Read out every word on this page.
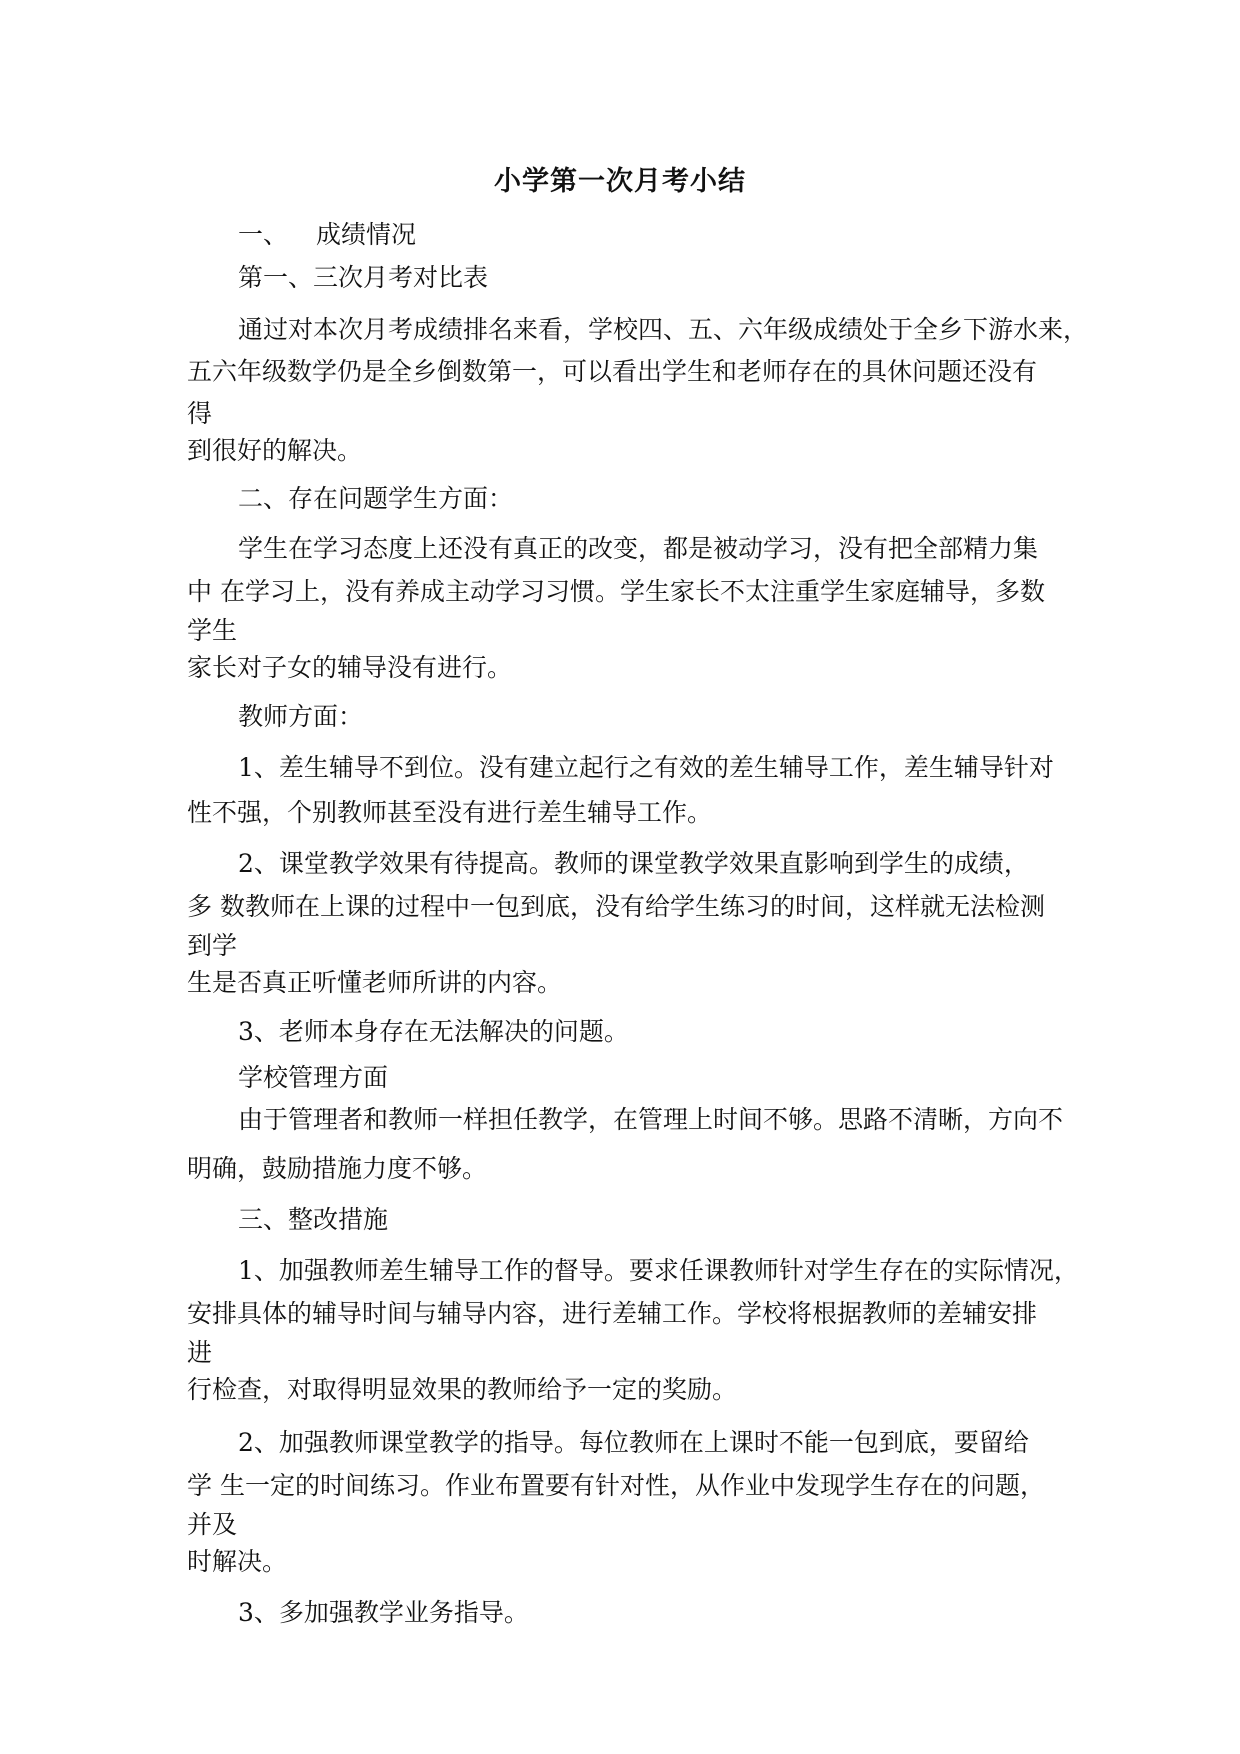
小学第一次月考小结
一、 成绩情况
第一、三次月考对比表
通过对本次月考成绩排名来看，学校四、五、六年级成绩处于全乡下游水来，
五六年级数学仍是全乡倒数第一，可以看出学生和老师存在的具休问题还没有
得
到很好的解决。
二、存在问题学生方面：
学生在学习态度上还没有真正的改变，都是被动学习，没有把全部精力集
中 在学习上，没有养成主动学习习惯。学生家长不太注重学生家庭辅导，多数
学生
家长对子女的辅导没有进行。
教师方面：
1、差生辅导不到位。没有建立起行之有效的差生辅导工作，差生辅导针对
性不强，个别教师甚至没有进行差生辅导工作。
2、课堂教学效果有待提高。教师的课堂教学效果直影响到学生的成绩，
多 数教师在上课的过程中一包到底，没有给学生练习的时间，这样就无法检测
到学
生是否真正听懂老师所讲的内容。
3、老师本身存在无法解决的问题。
学校管理方面
由于管理者和教师一样担任教学，在管理上时间不够。思路不清晰，方向不
明确，鼓励措施力度不够。
三、整改措施
1、加强教师差生辅导工作的督导。要求任课教师针对学生存在的实际情况，
安排具体的辅导时间与辅导内容，进行差辅工作。学校将根据教师的差辅安排
进
行检查，对取得明显效果的教师给予一定的奖励。
2、加强教师课堂教学的指导。每位教师在上课时不能一包到底，要留给
学 生一定的时间练习。作业布置要有针对性，从作业中发现学生存在的问题，
并及
时解决。
3、多加强教学业务指导。
